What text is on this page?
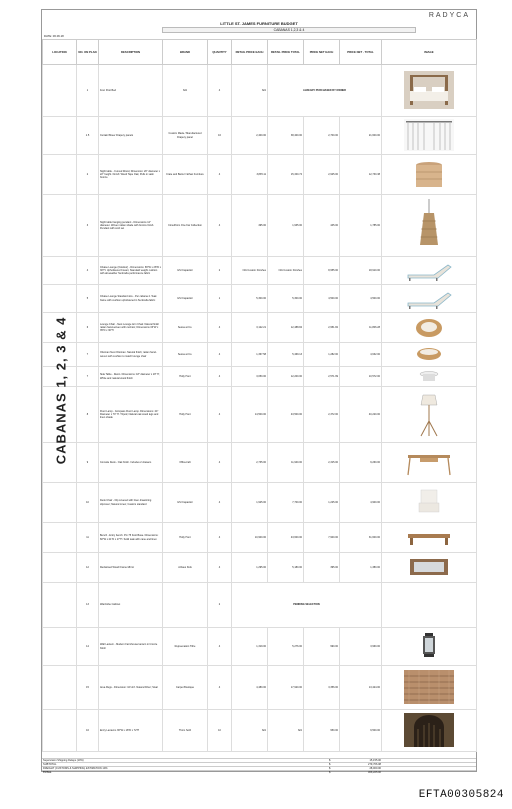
RADYCA
LITTLE ST. JAMES FURNITURE BUDGET
CABANAS 1,2,3 & 4
DATE: 06.06.18
LOCATION	NO. ON PLAN	DESCRIPTION	BRAND	QUANTITY	RETAIL PRICE EACH	RETAIL PRICE TOTAL	PRICE NET EACH	PRICE NET - TOTAL	IMAGE
	1	Four Post Bed	N/A	4	N/A	ALREADY PURCHASED BY OWNER	

	1.5	Curtain/Sheer Drapery panels	Custom Made / Manufactured Drapery panel	16	2,400.00	38,400.00	2,700.00	21,600.00	

	2	Night table - Curved Wood, Dimension: 20" diameter x 22" height. Finish: Wood Tape Oak; Pulls in satin bronze	Crate and Barrel / Ethan Furniture	4	3,835.11	15,340.74	2,925.00	12,730.38	

	3	Night table hanging pendant - Dimensions 12" diameter. Woven rattan shade with bronze finish. Pendant with cord set	Cimeltfrom One Kar Collection	4	495.00	1,935.00	445.00	1,785.00	

	4	Chaise Lounge (Outdoor) - Dimensions: 66"W x 28"D x 30"H. Upholstered Cream; Standard weight cushion with all-weather Sunbrella performance fabric	GSI Capacitor	2	N/A Custom Finishes	N/A Custom Finishes	8,955.00	18,910.00	

	5	Chaise Lounge Standard size - Per cabana 4. Teak frame with cushion upholstered in Sunbrella fabric	GSI Capacitor	1	5,300.00	5,300.00	4,500.00	4,500.00	

	6	Lounge Chair - Nest Lounge Arm Chair. Natural finish rattan hand-woven with cushion; Dimensions 33"W x 35"D x 30"H	Sessa at Co.	4	3,122.21	12,488.84	2,951.82	11,806.28	

	7	Ottoman Nest Ottoman. Natural finish; rattan hand-woven with cushion to match lounge chair	Sessa at Co.	4	1,367.58	5,469.13	1,282.00	4,632.00	

	7	Side Table - Resin. Dimensions: 18" diameter x 18" H; White and natural wood finish	Holly Hunt	4	3,050.00	12,200.00	2,571.99	10,572.00	

	8	Floor Lamp - Compass Floor Lamp. Dimensions: 24" Diameter x 70" H. Tripod; Natural oak wood legs and linen shade	Holly Hunt	4	14,500.00	43,500.00	2,372.00	40,220.00	

	9	Console Desk - Oak finish. Includes 2 drawers	Officecraft	4	2,735.00	11,940.00	2,315.00	9,260.00	

	10	Desk Chair - Dip covered with linen drawstring slipcover; Natural Linen; Castors standard	GSI Capacitor	4	1,925.00	7,700.00	1,225.00	4,900.00	

	11	Bench - Entry bench. Pin 75 Foot Base. Dimensions: 60"W x 21"D x 17"H. Solid teak with cane and linen	Holly Hunt	4	10,900.00	43,600.00	7,900.00	31,600.00	

	12	Reclaimed Wood Frame Mirror	Arhaus Kids	4	1,295.00	5,180.00	395.00	1,380.00	

	13	Wardrobe Cabinet		2	PENDING SELECTION				
	14	Wall Lantern - Modern Farmhouse lantern in bronze finish	Rejuvenation Tithe	4	1,319.00	5,276.00	990.00	3,960.00	

	15	Area Rugs - Dimension: 10'x14'. Natural Fiber; Sisal	Carpet Boutique	4	4,480.00	17,920.00	3,356.00	13,424.00	

	16	Entry Lanterns 36"W x 18"D x 72"H	Thom Soth	10	N/A	N/A	950.00	9,500.00	
CABANAS 1, 2, 3 & 4
Supervision Shipping Delays (10%)		$	15,155.00	
SUBTOTAL		$	279,706.08	
FREIGHT (CUSTOMS & SHIPPING) ESTIMATION 10%		$	28,000.00	
TOTAL		$	306,225.00	
EFTA00305824
